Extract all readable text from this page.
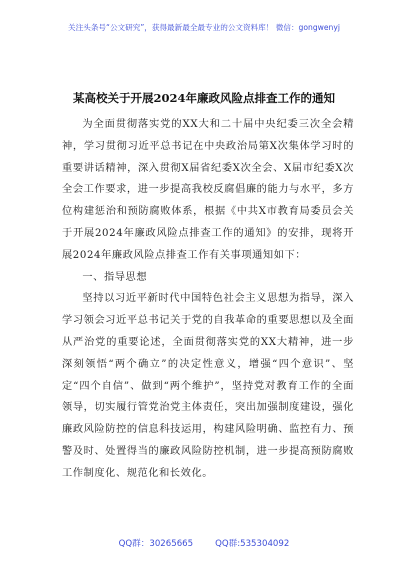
关注头条号“公文研究”，获得最新最全最专业的公文资料库！ 微信：gongwenyj
某高校关于开展2024年廉政风险点排查工作的通知

为全面贯彻落实党的XX大和二十届中央纪委三次全会精神，学习贯彻习近平总书记在中央政治局第X次集体学习时的重要讲话精神，深入贯彻X届省纪委X次全会、X届市纪委X次全会工作要求，进一步提高我校反腐倡廉的能力与水平，多方位构建惩治和预防腐败体系，根据《中共X市教育局委员会关于开展2024年廉政风险点排查工作的通知》的安排，现将开展2024年廉政风险点排查工作有关事项通知如下：

一、指导思想

坚持以习近平新时代中国特色社会主义思想为指导，深入学习领会习近平总书记关于党的自我革命的重要思想以及全面从严治党的重要论述，全面贯彻落实党的XX大精神，进一步深刻领悟“两个确立”的决定性意义，增强“四个意识”、坚定“四个自信”、做到“两个维护”，坚持党对教育工作的全面领导，切实履行管党治党主体责任，突出加强制度建设，强化廉政风险防控的信息科技运用，构建风险明确、监控有力、预警及时、处置得当的廉政风险防控机制，进一步提高预防腐败工作制度化、规范化和长效化。

QQ群：30265665	QQ群:535304092
